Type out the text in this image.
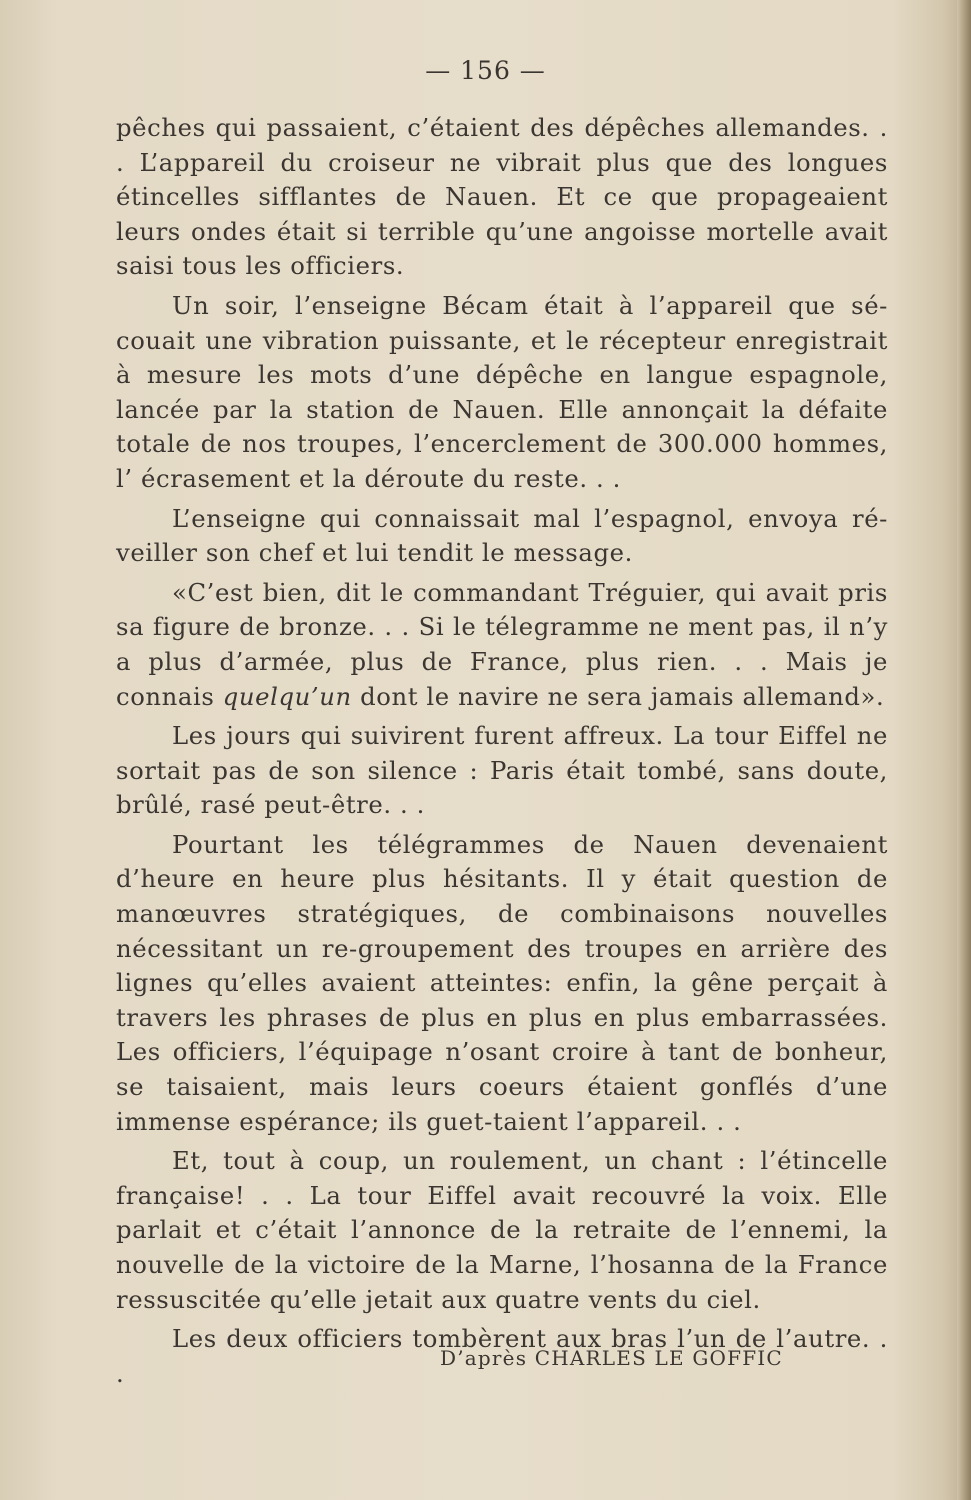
— 156 —

pêches qui passaient, c’étaient des dépêches allemandes. . . L’appareil du croiseur ne vibrait plus que des longues étincelles sifflantes de Nauen. Et ce que propageaient leurs ondes était si terrible qu’une angoisse mortelle avait saisi tous les officiers.

Un soir, l’enseigne Bécam était à l’appareil que sé-couait une vibration puissante, et le récepteur enregistrait à mesure les mots d’une dépêche en langue espagnole, lancée par la station de Nauen. Elle annonçait la défaite totale de nos troupes, l’encerclement de 300.000 hommes, l’ écrasement et la déroute du reste. . .

L’enseigne qui connaissait mal l’espagnol, envoya ré-veiller son chef et lui tendit le message.

«C’est bien, dit le commandant Tréguier, qui avait pris sa figure de bronze. . . Si le télegramme ne ment pas, il n’y a plus d’armée, plus de France, plus rien. . . Mais je connais quelqu’un dont le navire ne sera jamais allemand».

Les jours qui suivirent furent affreux. La tour Eiffel ne sortait pas de son silence : Paris était tombé, sans doute, brûlé, rasé peut-être. . .

Pourtant les télégrammes de Nauen devenaient d’heure en heure plus hésitants. Il y était question de manœuvres stratégiques, de combinaisons nouvelles nécessitant un re-groupement des troupes en arrière des lignes qu’elles avaient atteintes: enfin, la gêne perçait à travers les phrases de plus en plus en plus embarrassées. Les officiers, l’équipage n’osant croire à tant de bonheur, se taisaient, mais leurs coeurs étaient gonflés d’une immense espérance; ils guet-taient l’appareil. . .

Et, tout à coup, un roulement, un chant : l’étincelle française! . . La tour Eiffel avait recouvré la voix. Elle parlait et c’était l’annonce de la retraite de l’ennemi, la nouvelle de la victoire de la Marne, l’hosanna de la France ressuscitée qu’elle jetait aux quatre vents du ciel.

Les deux officiers tombèrent aux bras l’un de l’autre. . .

D’après CHARLES LE GOFFIC
